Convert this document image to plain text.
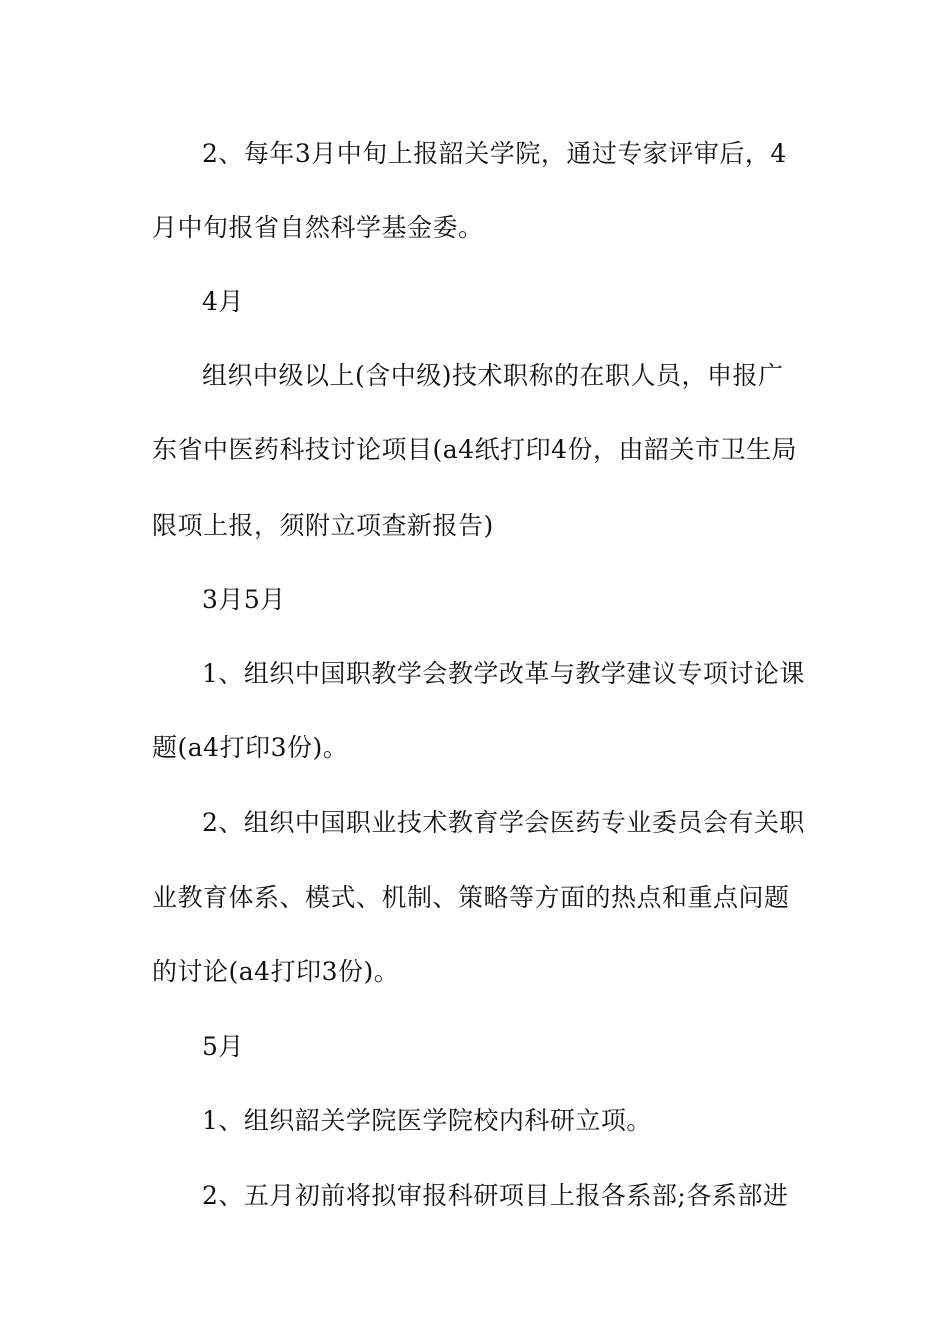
2、每年3月中旬上报韶关学院，通过专家评审后，4
月中旬报省自然科学基金委。
4月
组织中级以上(含中级)技术职称的在职人员，申报广
东省中医药科技讨论项目(a4纸打印4份，由韶关市卫生局
限项上报，须附立项查新报告)
3月5月
1、组织中国职教学会教学改革与教学建议专项讨论课
题(a4打印3份)。
2、组织中国职业技术教育学会医药专业委员会有关职
业教育体系、模式、机制、策略等方面的热点和重点问题
的讨论(a4打印3份)。
5月
1、组织韶关学院医学院校内科研立项。
2、五月初前将拟审报科研项目上报各系部;各系部进
